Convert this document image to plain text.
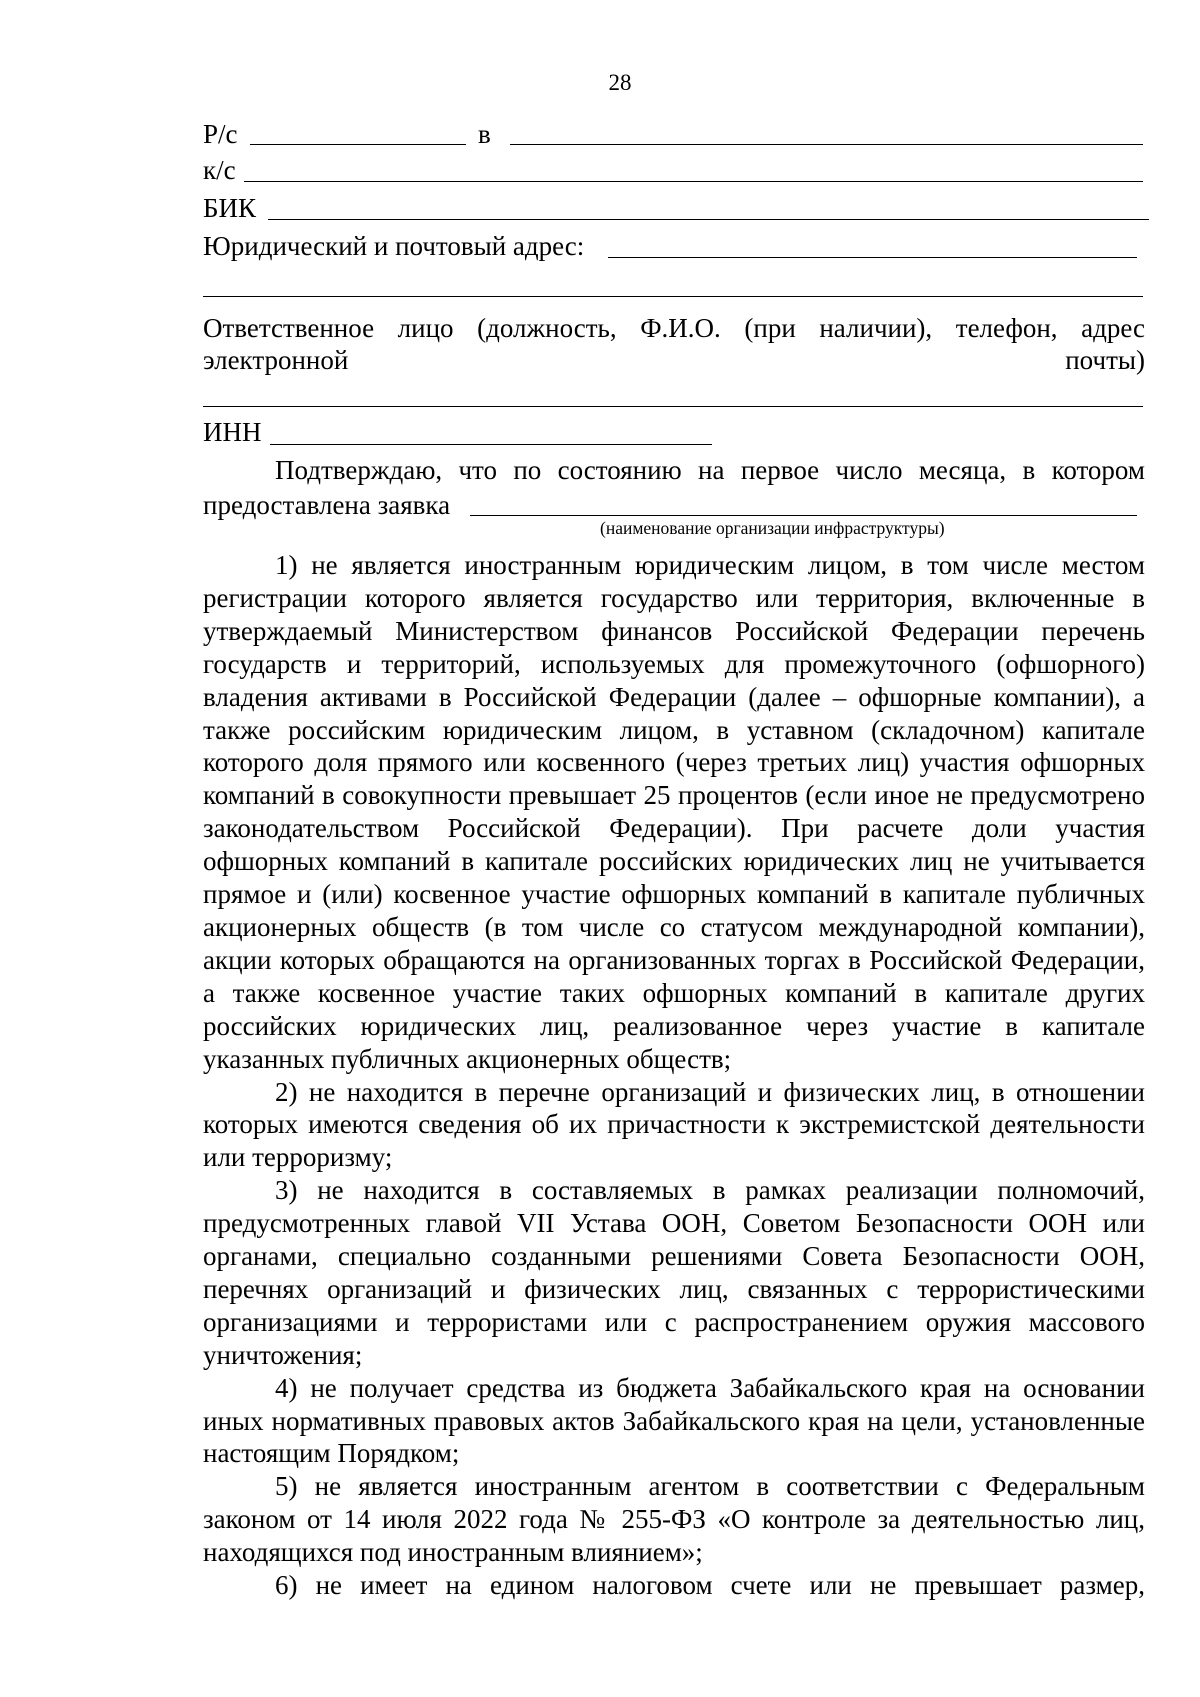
28
Р/с	в
к/с
БИК
Юридический и почтовый адрес:
Ответственное лицо (должность, Ф.И.О. (при наличии), телефон, адрес
электронной	почты)
ИНН

Подтверждаю, что по состоянию на первое число месяца, в котором

предоставлена заявка
(наименование организации инфраструктуры)

1) не является иностранным юридическим лицом, в том числе местом регистрации которого является государство или территория, включенные в утверждаемый Министерством финансов Российской Федерации перечень государств и территорий, используемых для промежуточного (офшорного) владения активами в Российской Федерации (далее – офшорные компании), а также российским юридическим лицом, в уставном (складочном) капитале которого доля прямого или косвенного (через третьих лиц) участия офшорных компаний в совокупности превышает 25 процентов (если иное не предусмотрено законодательством Российской Федерации). При расчете доли участия офшорных компаний в капитале российских юридических лиц не учитывается прямое и (или) косвенное участие офшорных компаний в капитале публичных акционерных обществ (в том числе со статусом международной компании), акции которых обращаются на организованных торгах в Российской Федерации, а также косвенное участие таких офшорных компаний в капитале других российских юридических лиц, реализованное через участие в капитале указанных публичных акционерных обществ;

2) не находится в перечне организаций и физических лиц, в отношении которых имеются сведения об их причастности к экстремистской деятельности или терроризму;

3) не находится в составляемых в рамках реализации полномочий, предусмотренных главой VII Устава ООН, Советом Безопасности ООН или органами, специально созданными решениями Совета Безопасности ООН, перечнях организаций и физических лиц, связанных с террористическими организациями и террористами или с распространением оружия массового уничтожения;

4) не получает средства из бюджета Забайкальского края на основании иных нормативных правовых актов Забайкальского края на цели, установленные настоящим Порядком;

5) не является иностранным агентом в соответствии с Федеральным законом от 14 июля 2022 года № 255-ФЗ «О контроле за деятельностью лиц, находящихся под иностранным влиянием»;

6) не имеет на едином налоговом счете или не превышает размер,
